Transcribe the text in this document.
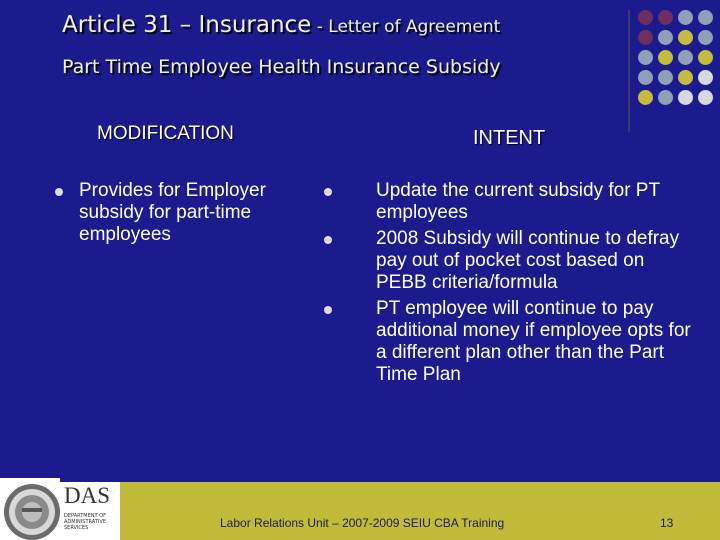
Article 31 – Insurance - Letter of Agreement
Part Time Employee Health Insurance Subsidy
MODIFICATION	INTENT
Provides for Employer subsidy for part-time employees
Update the current subsidy for PT employees
2008 Subsidy will continue to defray pay out of pocket cost based on PEBB criteria/formula
PT employee will continue to pay additional money if employee opts for a different plan other than the Part Time Plan
Labor Relations Unit – 2007-2009 SEIU CBA Training	13
DAS
DEPARTMENT OF ADMINISTRATIVE SERVICES
